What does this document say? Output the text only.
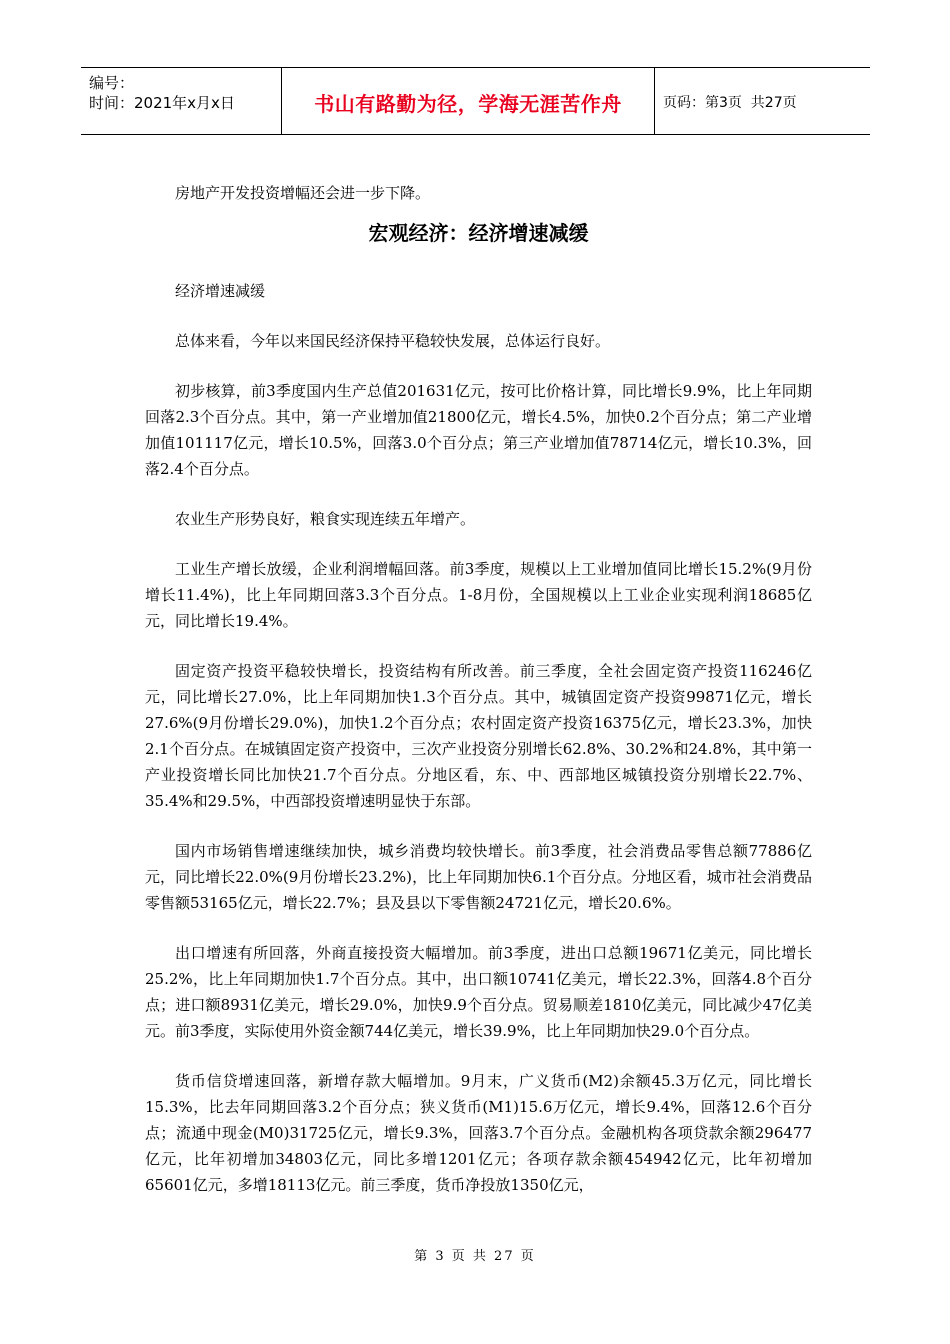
编号：
时间：2021年x月x日	书山有路勤为径，学海无涯苦作舟	页码：第3页  共27页

房地产开发投资增幅还会进一步下降。

宏观经济：经济增速减缓

经济增速减缓

总体来看，今年以来国民经济保持平稳较快发展，总体运行良好。

初步核算，前3季度国内生产总值201631亿元，按可比价格计算，同比增长9.9%，比上年同期回落2.3个百分点。其中，第一产业增加值21800亿元，增长4.5%，加快0.2个百分点；第二产业增加值101117亿元，增长10.5%，回落3.0个百分点；第三产业增加值78714亿元，增长10.3%，回落2.4个百分点。

农业生产形势良好，粮食实现连续五年增产。

工业生产增长放缓，企业利润增幅回落。前3季度，规模以上工业增加值同比增长15.2%(9月份增长11.4%)，比上年同期回落3.3个百分点。1-8月份，全国规模以上工业企业实现利润18685亿元，同比增长19.4%。

固定资产投资平稳较快增长，投资结构有所改善。前三季度，全社会固定资产投资116246亿元，同比增长27.0%，比上年同期加快1.3个百分点。其中，城镇固定资产投资99871亿元，增长27.6%(9月份增长29.0%)，加快1.2个百分点；农村固定资产投资16375亿元，增长23.3%，加快2.1个百分点。在城镇固定资产投资中，三次产业投资分别增长62.8%、30.2%和24.8%，其中第一产业投资增长同比加快21.7个百分点。分地区看，东、中、西部地区城镇投资分别增长22.7%、35.4%和29.5%，中西部投资增速明显快于东部。

国内市场销售增速继续加快，城乡消费均较快增长。前3季度，社会消费品零售总额77886亿元，同比增长22.0%(9月份增长23.2%)，比上年同期加快6.1个百分点。分地区看，城市社会消费品零售额53165亿元，增长22.7%；县及县以下零售额24721亿元，增长20.6%。

出口增速有所回落，外商直接投资大幅增加。前3季度，进出口总额19671亿美元，同比增长25.2%，比上年同期加快1.7个百分点。其中，出口额10741亿美元，增长22.3%，回落4.8个百分点；进口额8931亿美元，增长29.0%，加快9.9个百分点。贸易顺差1810亿美元，同比减少47亿美元。前3季度，实际使用外资金额744亿美元，增长39.9%，比上年同期加快29.0个百分点。

货币信贷增速回落，新增存款大幅增加。9月末，广义货币(M2)余额45.3万亿元，同比增长15.3%，比去年同期回落3.2个百分点；狭义货币(M1)15.6万亿元，增长9.4%，回落12.6个百分点；流通中现金(M0)31725亿元，增长9.3%，回落3.7个百分点。金融机构各项贷款余额296477亿元，比年初增加34803亿元，同比多增1201亿元；各项存款余额454942亿元，比年初增加65601亿元，多增18113亿元。前三季度，货币净投放1350亿元，

第 3 页 共 27 页
